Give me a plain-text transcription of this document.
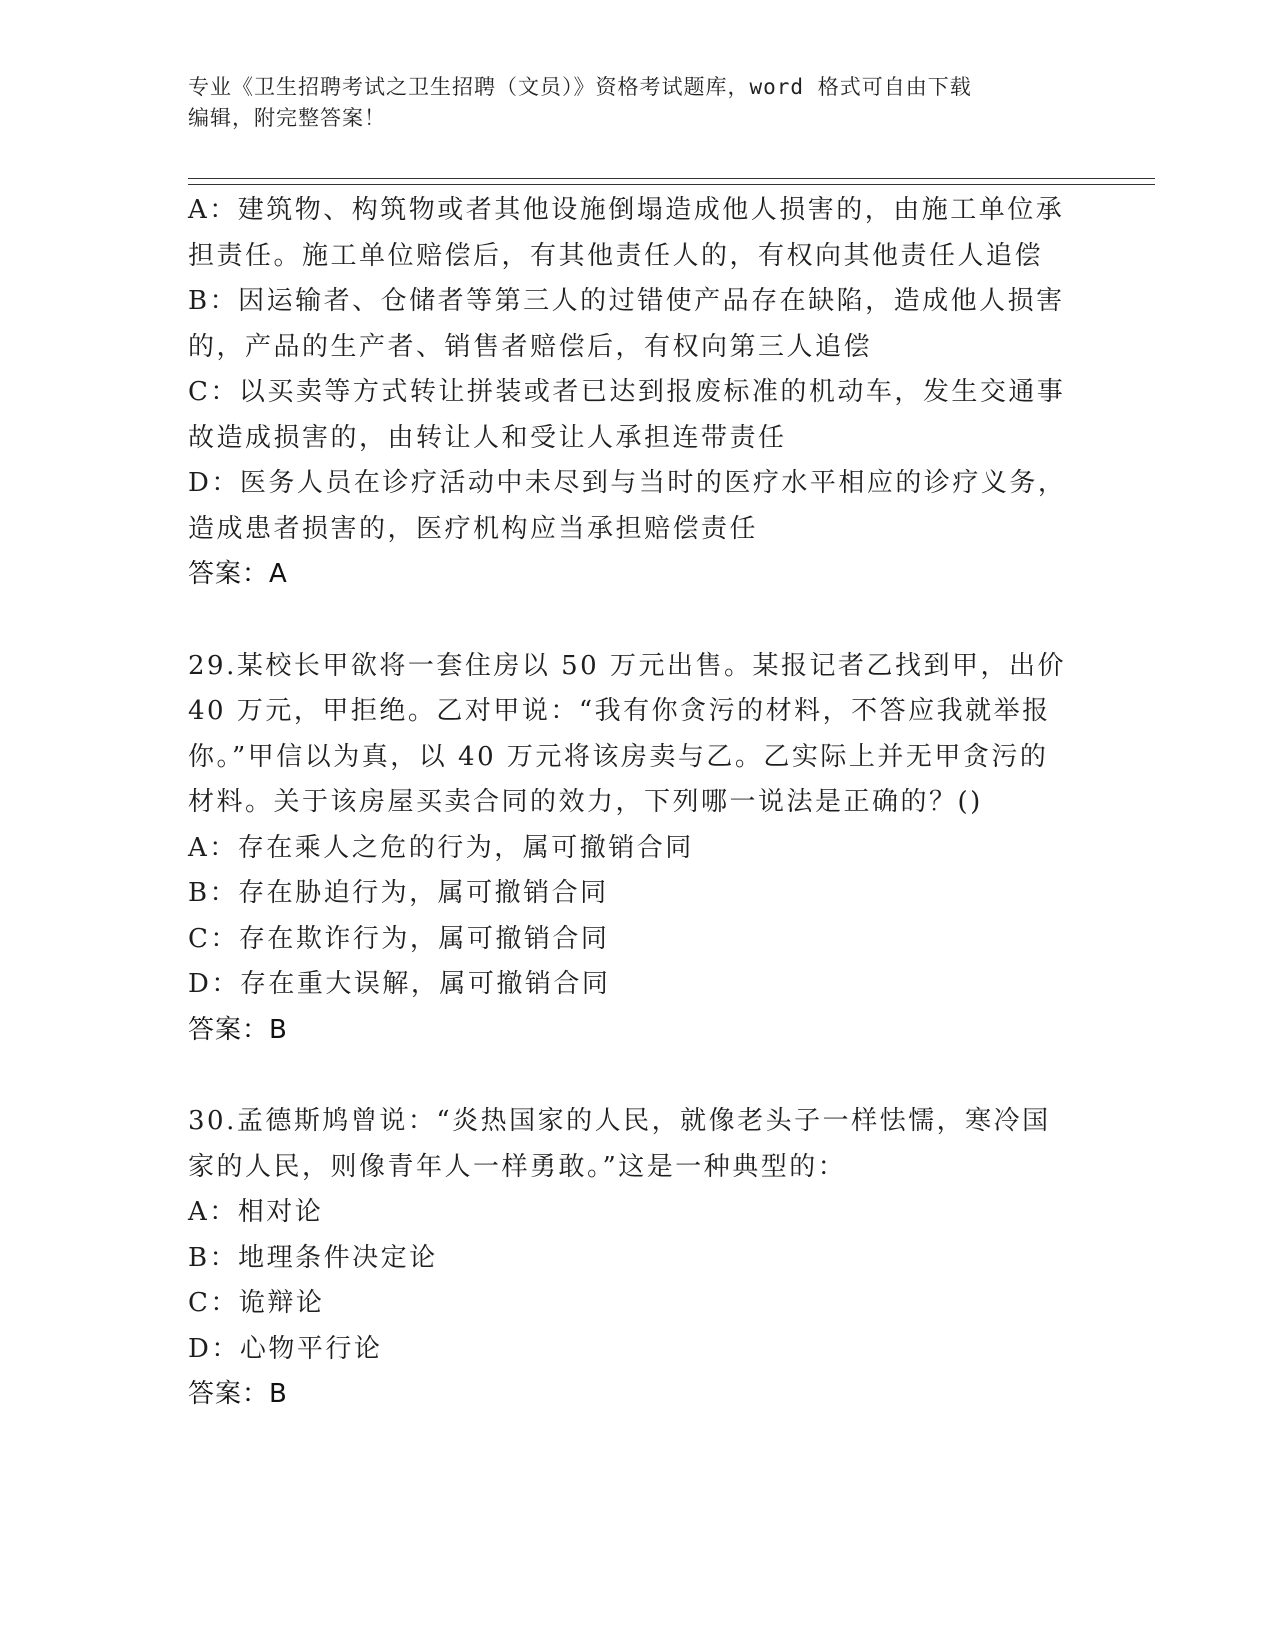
专业《卫生招聘考试之卫生招聘（文员）》资格考试题库，word 格式可自由下载
编辑，附完整答案！
A：建筑物、构筑物或者其他设施倒塌造成他人损害的，由施工单位承
担责任。施工单位赔偿后，有其他责任人的，有权向其他责任人追偿
B：因运输者、仓储者等第三人的过错使产品存在缺陷，造成他人损害
的，产品的生产者、销售者赔偿后，有权向第三人追偿
C：以买卖等方式转让拼装或者已达到报废标准的机动车，发生交通事
故造成损害的，由转让人和受让人承担连带责任
D：医务人员在诊疗活动中未尽到与当时的医疗水平相应的诊疗义务，
造成患者损害的，医疗机构应当承担赔偿责任
答案：A
29.某校长甲欲将一套住房以 50 万元出售。某报记者乙找到甲，出价
40 万元，甲拒绝。乙对甲说：“我有你贪污的材料，不答应我就举报
你。”甲信以为真，以 40 万元将该房卖与乙。乙实际上并无甲贪污的
材料。关于该房屋买卖合同的效力，下列哪一说法是正确的？()
A：存在乘人之危的行为，属可撤销合同
B：存在胁迫行为，属可撤销合同
C：存在欺诈行为，属可撤销合同
D：存在重大误解，属可撤销合同
答案：B
30.孟德斯鸠曾说：“炎热国家的人民，就像老头子一样怯懦，寒冷国
家的人民，则像青年人一样勇敢。”这是一种典型的：
A：相对论
B：地理条件决定论
C：诡辩论
D：心物平行论
答案：B
